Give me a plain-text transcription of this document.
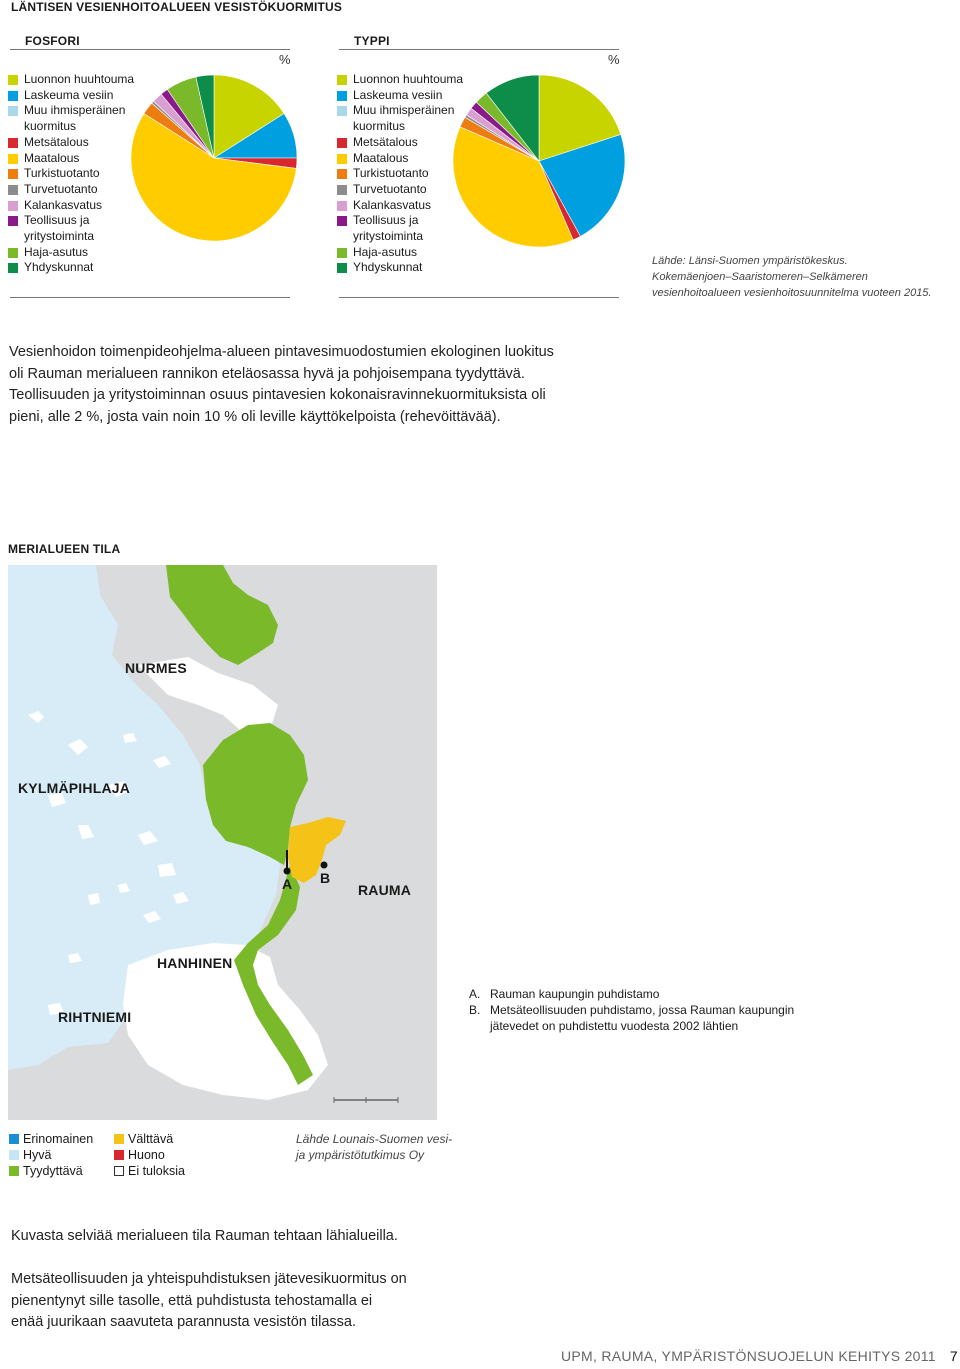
LÄNTISEN VESIENHOITOALUEEN VESISTÖKUORMITUS
FOSFORI
%
Luonnon huuhtouma
Laskeuma vesiin
Muu ihmisperäinen
kuormitus
Metsätalous
Maatalous
Turkistuotanto
Turvetuotanto
Kalankasvatus
Teollisuus ja
yritystoiminta
Haja-asutus
Yhdyskunnat
TYPPI
%
Luonnon huuhtouma
Laskeuma vesiin
Muu ihmisperäinen
kuormitus
Metsätalous
Maatalous
Turkistuotanto
Turvetuotanto
Kalankasvatus
Teollisuus ja
yritystoiminta
Haja-asutus
Yhdyskunnat	Lähde: Länsi-Suomen ympäristökeskus.
Kokemäenjoen–Saaristomeren–Selkämeren
vesienhoitoalueen vesienhoitosuunnitelma vuoteen 2015.
Vesienhoidon toimenpideohjelma-alueen pintavesimuodostumien ekologinen luokitus
oli Rauman merialueen rannikon eteläosassa hyvä ja pohjoisempana tyydyttävä.
Teollisuuden ja yritystoiminnan osuus pintavesien kokonaisravinnekuormituksista oli
pieni, alle 2 %, josta vain noin 10 % oli leville käyttökelpoista (rehevöittävää).
MERIALUEEN TILA
NURMES
KYLMÄPIHLAJA
A B
RAUMA
HANHINEN
RIHTNIEMI
A. Rauman kaupungin puhdistamo
B. Metsäteollisuuden puhdistamo, jossa Rauman kaupungin
jätevedet on puhdistettu vuodesta 2002 lähtien
Erinomainen
Hyvä
Tyydyttävä
Välttävä
Huono
Ei tuloksia
Lähde Lounais-Suomen vesi-
ja ympäristötutkimus Oy
Kuvasta selviää merialueen tila Rauman tehtaan lähialueilla.
Metsäteollisuuden ja yhteispuhdistuksen jätevesikuormitus on
pienentynyt sille tasolle, että puhdistusta tehostamalla ei
enää juurikaan saavuteta parannusta vesistön tilassa.
UPM, RAUMA, YMPÄRISTÖNSUOJELUN KEHITYS 2011 7
